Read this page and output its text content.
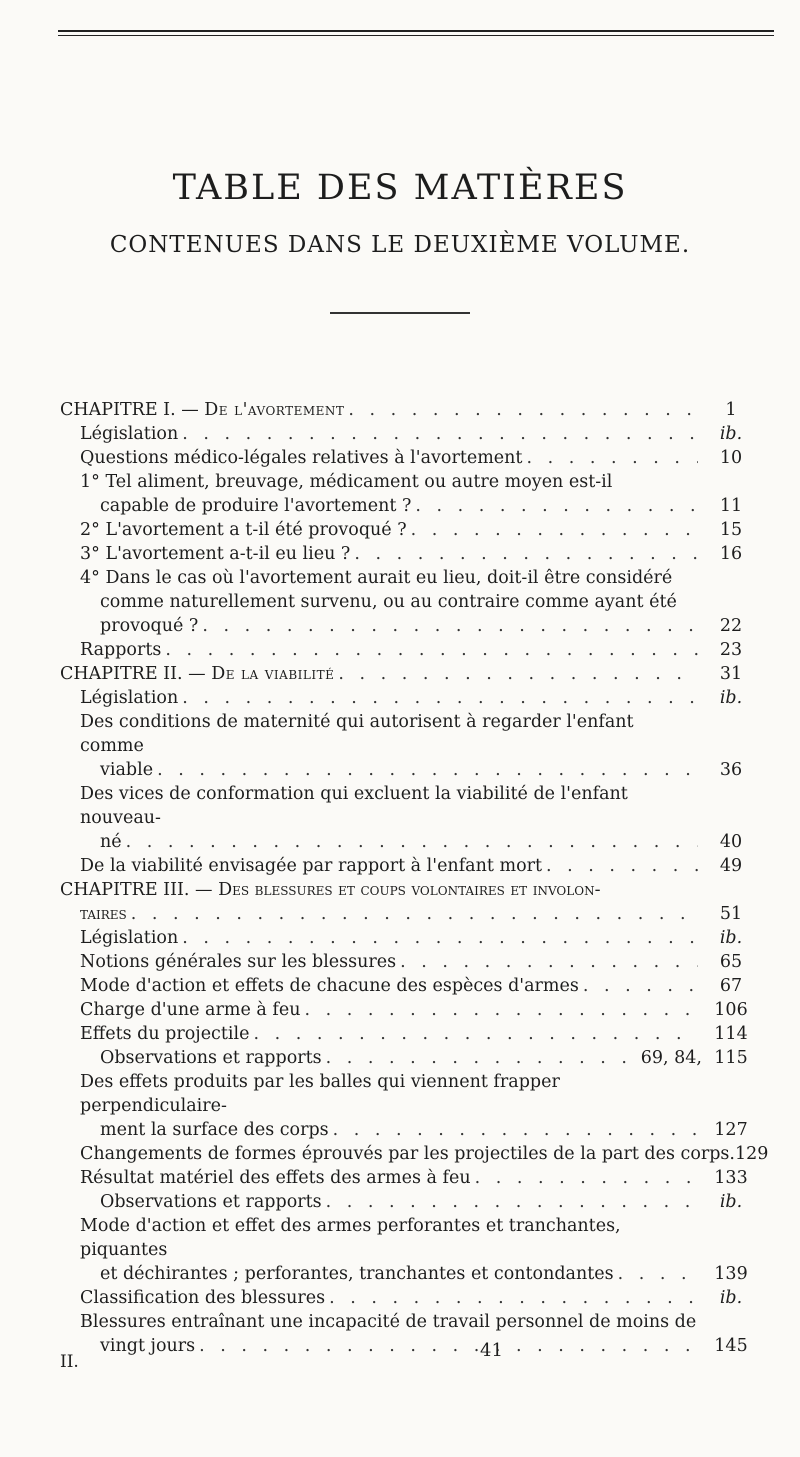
TABLE DES MATIÈRES
CONTENUES DANS LE DEUXIÈME VOLUME.
CHAPITRE I. — De l'avortement . . .	1
Législation . . .	ib.
Questions médico-légales relatives à l'avortement . . .	10
1° Tel aliment, breuvage, médicament ou autre moyen est-il
capable de produire l'avortement ? . . .	11
2° L'avortement a t-il été provoqué ? . . .	15
3° L'avortement a-t-il eu lieu ? . . .	16
4° Dans le cas où l'avortement aurait eu lieu, doit-il être considéré
comme naturellement survenu, ou au contraire comme ayant été
provoqué ? . . .	22
Rapports . . .	23
CHAPITRE II. — De la viabilité . . .	31
Législation . . .	ib.
Des conditions de maternité qui autorisent à regarder l'enfant comme
viable . . .	36
Des vices de conformation qui excluent la viabilité de l'enfant nouveau-
né . . .	40
De la viabilité envisagée par rapport à l'enfant mort . . .	49
CHAPITRE III. — Des blessures et coups volontaires et involon-
taires . . .	51
Législation . . .	ib.
Notions générales sur les blessures . . .	65
Mode d'action et effets de chacune des espèces d'armes . . .	67
Charge d'une arme à feu . . .	106
Effets du projectile . . .	114
Observations et rapports . . .	69, 84, 115
Des effets produits par les balles qui viennent frapper perpendiculaire-
ment la surface des corps . . .	127
Changements de formes éprouvés par les projectiles de la part des corps. 129
Résultat matériel des effets des armes à feu . . .	133
Observations et rapports . . .	ib.
Mode d'action et effet des armes perforantes et tranchantes, piquantes
et déchirantes ; perforantes, tranchantes et contondantes . . .	139
Classification des blessures . . .	ib.
Blessures entraînant une incapacité de travail personnel de moins de
vingt jours . . .	145
II.
41
